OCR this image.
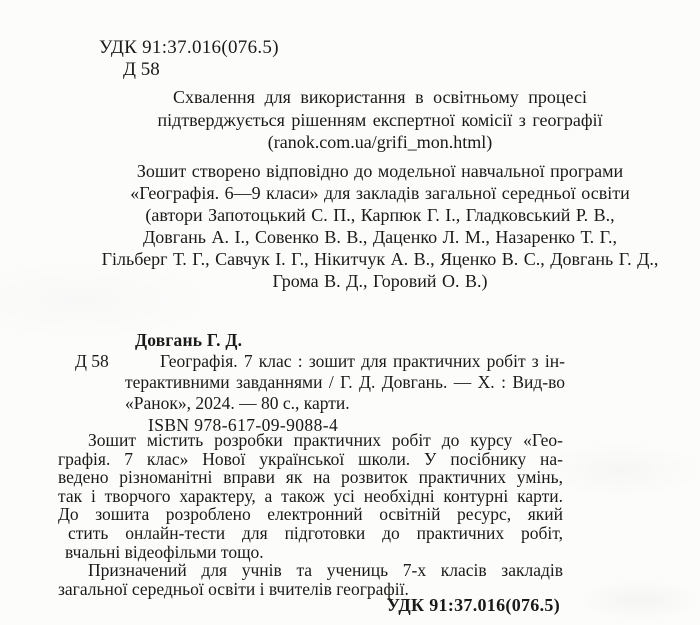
УДК 91:37.016(076.5)
Д 58
Схвалення для використання в освітньому процесі
підтверджується рішенням експертної комісії з географії
(ranok.com.ua/grifi_mon.html)
Зошит створено відповідно до модельної навчальної програми
«Географія. 6—9 класи» для закладів загальної середньої освіти
(автори Запотоцький С. П., Карпюк Г. І., Гладковський Р. В.,
Довгань А. І., Совенко В. В., Даценко Л. М., Назаренко Т. Г.,
Гільберг Т. Г., Савчук І. Г., Нікитчук А. В., Яценко В. С., Довгань Г. Д.,
Грома В. Д., Горовий О. В.)
Довгань Г. Д.
Д 58	Географія. 7 клас : зошит для практичних робіт з ін-
терактивними завданнями / Г. Д. Довгань. — Х. : Вид-во
«Ранок», 2024. — 80 с., карти.
ISBN 978-617-09-9088-4
Зошит містить розробки практичних робіт до курсу «Гео-
графія. 7 клас» Нової української школи. У посібнику на-
ведено різноманітні вправи як на розвиток практичних умінь,
так і творчого характеру, а також усі необхідні контурні карти.
До зошита розроблено електронний освітній ресурс, який
стить онлайн-тести для підготовки до практичних робіт,
вчальні відеофільми тощо.
Призначений для учнів та учениць 7-х класів закладів
загальної середньої освіти і вчителів географії.
УДК 91:37.016(076.5)
